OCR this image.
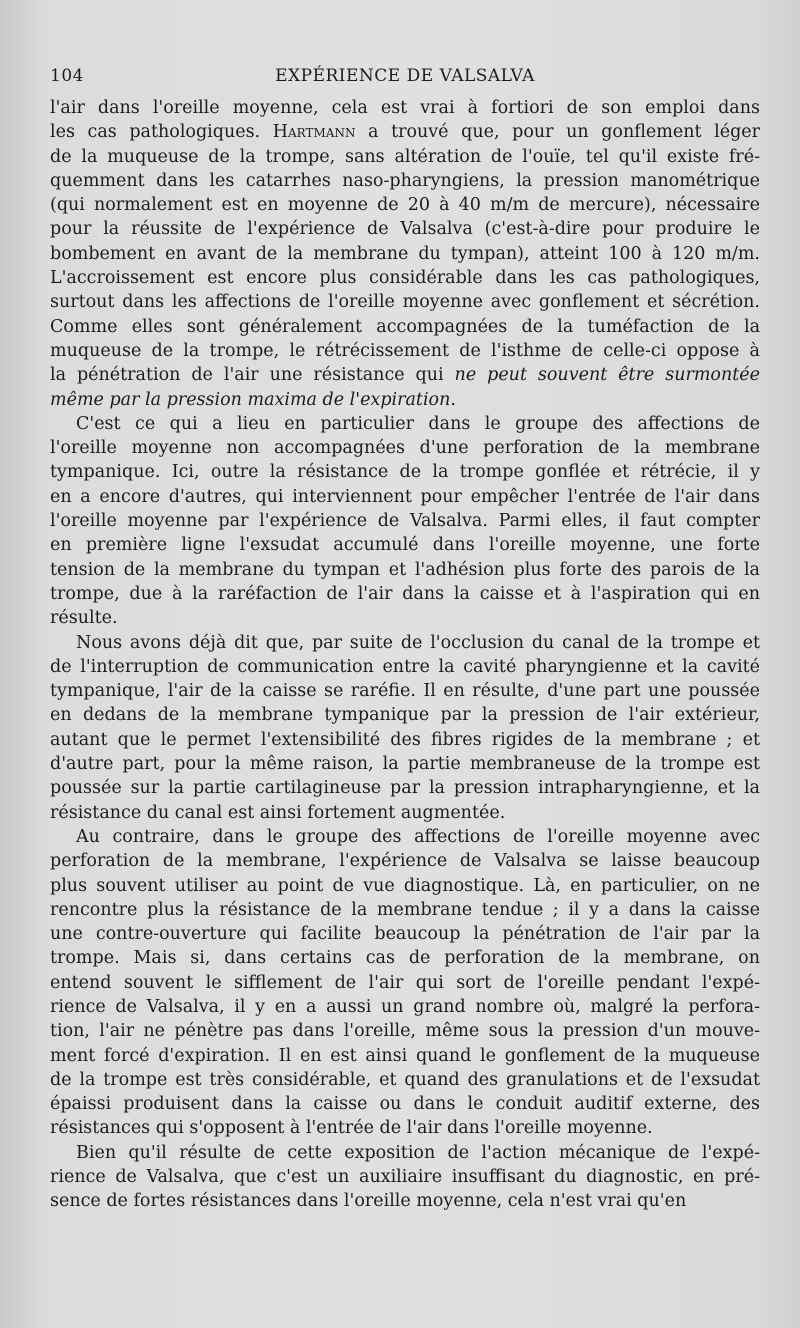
104	EXPÉRIENCE DE VALSALVA
l'air dans l'oreille moyenne, cela est vrai à fortiori de son emploi dans
les cas pathologiques. Hartmann a trouvé que, pour un gonflement léger
de la muqueuse de la trompe, sans altération de l'ouïe, tel qu'il existe fré-
quemment dans les catarrhes naso-pharyngiens, la pression manométrique
(qui normalement est en moyenne de 20 à 40 m/m de mercure), nécessaire
pour la réussite de l'expérience de Valsalva (c'est-à-dire pour produire le
bombement en avant de la membrane du tympan), atteint 100 à 120 m/m.
L'accroissement est encore plus considérable dans les cas pathologiques,
surtout dans les affections de l'oreille moyenne avec gonflement et sécrétion.
Comme elles sont généralement accompagnées de la tuméfaction de la
muqueuse de la trompe, le rétrécissement de l'isthme de celle-ci oppose à
la pénétration de l'air une résistance qui ne peut souvent être surmontée
même par la pression maxima de l'expiration.
C'est ce qui a lieu en particulier dans le groupe des affections de
l'oreille moyenne non accompagnées d'une perforation de la membrane
tympanique. Ici, outre la résistance de la trompe gonflée et rétrécie, il y
en a encore d'autres, qui interviennent pour empêcher l'entrée de l'air dans
l'oreille moyenne par l'expérience de Valsalva. Parmi elles, il faut compter
en première ligne l'exsudat accumulé dans l'oreille moyenne, une forte
tension de la membrane du tympan et l'adhésion plus forte des parois de la
trompe, due à la raréfaction de l'air dans la caisse et à l'aspiration qui en
résulte.
Nous avons déjà dit que, par suite de l'occlusion du canal de la trompe et
de l'interruption de communication entre la cavité pharyngienne et la cavité
tympanique, l'air de la caisse se raréfie. Il en résulte, d'une part une poussée
en dedans de la membrane tympanique par la pression de l'air extérieur,
autant que le permet l'extensibilité des fibres rigides de la membrane ; et
d'autre part, pour la même raison, la partie membraneuse de la trompe est
poussée sur la partie cartilagineuse par la pression intrapharyngienne, et la
résistance du canal est ainsi fortement augmentée.
Au contraire, dans le groupe des affections de l'oreille moyenne avec
perforation de la membrane, l'expérience de Valsalva se laisse beaucoup
plus souvent utiliser au point de vue diagnostique. Là, en particulier, on ne
rencontre plus la résistance de la membrane tendue ; il y a dans la caisse
une contre-ouverture qui facilite beaucoup la pénétration de l'air par la
trompe. Mais si, dans certains cas de perforation de la membrane, on
entend souvent le sifflement de l'air qui sort de l'oreille pendant l'expé-
rience de Valsalva, il y en a aussi un grand nombre où, malgré la perfora-
tion, l'air ne pénètre pas dans l'oreille, même sous la pression d'un mouve-
ment forcé d'expiration. Il en est ainsi quand le gonflement de la muqueuse
de la trompe est très considérable, et quand des granulations et de l'exsudat
épaissi produisent dans la caisse ou dans le conduit auditif externe, des
résistances qui s'opposent à l'entrée de l'air dans l'oreille moyenne.
Bien qu'il résulte de cette exposition de l'action mécanique de l'expé-
rience de Valsalva, que c'est un auxiliaire insuffisant du diagnostic, en pré-
sence de fortes résistances dans l'oreille moyenne, cela n'est vrai qu'en
